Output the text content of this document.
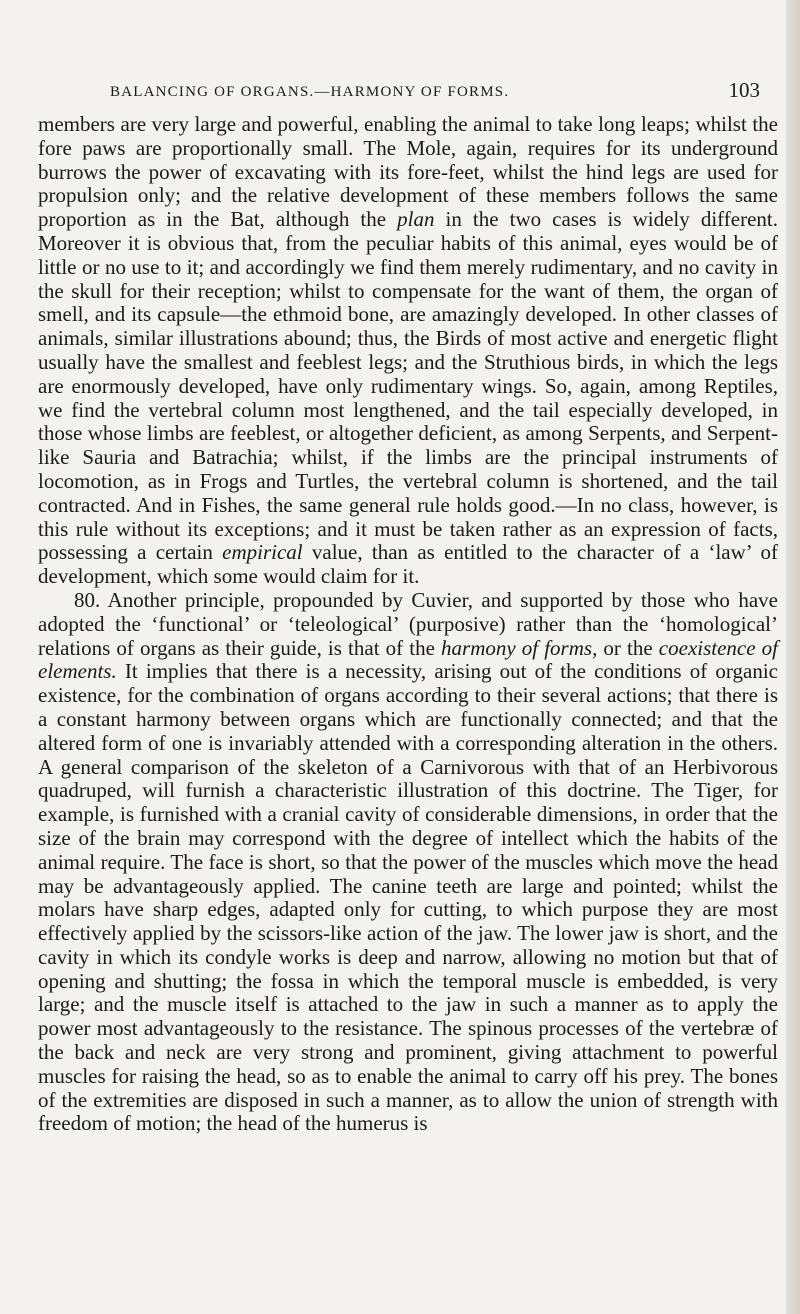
BALANCING OF ORGANS.—HARMONY OF FORMS.	103

members are very large and powerful, enabling the animal to take long leaps; whilst the fore paws are proportionally small. The Mole, again, requires for its underground burrows the power of excavating with its fore-feet, whilst the hind legs are used for propulsion only; and the relative development of these members follows the same proportion as in the Bat, although the plan in the two cases is widely different. Moreover it is obvious that, from the peculiar habits of this animal, eyes would be of little or no use to it; and accordingly we find them merely rudimentary, and no cavity in the skull for their reception; whilst to compensate for the want of them, the organ of smell, and its capsule—the ethmoid bone, are amazingly developed. In other classes of animals, similar illustrations abound; thus, the Birds of most active and energetic flight usually have the smallest and feeblest legs; and the Struthious birds, in which the legs are enormously developed, have only rudimentary wings. So, again, among Reptiles, we find the vertebral column most lengthened, and the tail especially developed, in those whose limbs are feeblest, or altogether deficient, as among Serpents, and Serpent-like Sauria and Batrachia; whilst, if the limbs are the principal instruments of locomotion, as in Frogs and Turtles, the vertebral column is shortened, and the tail contracted. And in Fishes, the same general rule holds good.—In no class, however, is this rule without its exceptions; and it must be taken rather as an expression of facts, possessing a certain empirical value, than as entitled to the character of a ‘law’ of development, which some would claim for it.

80. Another principle, propounded by Cuvier, and supported by those who have adopted the ‘functional’ or ‘teleological’ (purposive) rather than the ‘homological’ relations of organs as their guide, is that of the harmony of forms, or the coexistence of elements. It implies that there is a necessity, arising out of the conditions of organic existence, for the combination of organs according to their several actions; that there is a constant harmony between organs which are functionally connected; and that the altered form of one is invariably attended with a corresponding alteration in the others. A general comparison of the skeleton of a Carnivorous with that of an Herbivorous quadruped, will furnish a characteristic illustration of this doctrine. The Tiger, for example, is furnished with a cranial cavity of considerable dimensions, in order that the size of the brain may correspond with the degree of intellect which the habits of the animal require. The face is short, so that the power of the muscles which move the head may be advantageously applied. The canine teeth are large and pointed; whilst the molars have sharp edges, adapted only for cutting, to which purpose they are most effectively applied by the scissors-like action of the jaw. The lower jaw is short, and the cavity in which its condyle works is deep and narrow, allowing no motion but that of opening and shutting; the fossa in which the temporal muscle is embedded, is very large; and the muscle itself is attached to the jaw in such a manner as to apply the power most advantageously to the resistance. The spinous processes of the vertebræ of the back and neck are very strong and prominent, giving attachment to powerful muscles for raising the head, so as to enable the animal to carry off his prey. The bones of the extremities are disposed in such a manner, as to allow the union of strength with freedom of motion; the head of the humerus is
